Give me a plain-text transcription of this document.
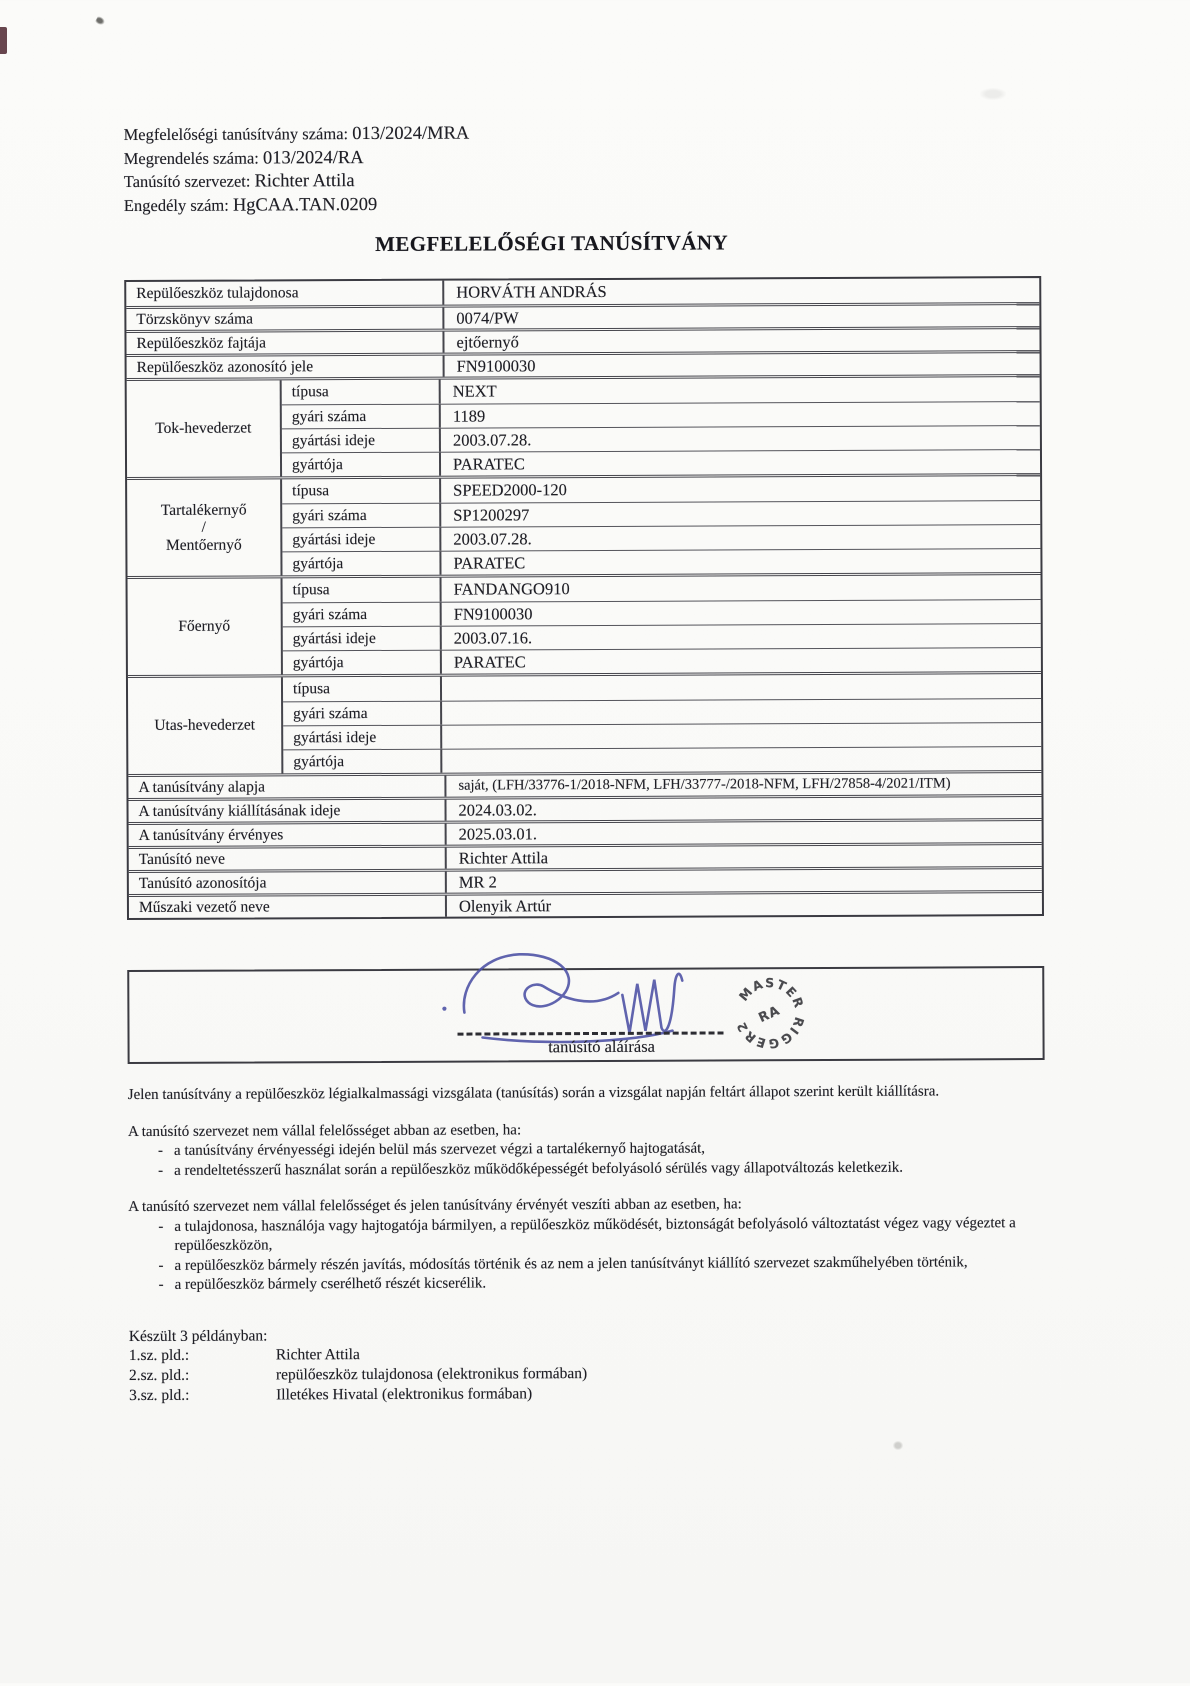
Megfelelőségi tanúsítvány száma: 013/2024/MRA
Megrendelés száma: 013/2024/RA
Tanúsító szervezet: Richter Attila
Engedély szám: HgCAA.TAN.0209
MEGFELELŐSÉGI TANÚSÍTVÁNY
Repülőeszköz tulajdonosa	HORVÁTH ANDRÁS
Törzskönyv száma	0074/PW
Repülőeszköz fajtája	ejtőernyő
Repülőeszköz azonosító jele	FN9100030
Tok-hevederzet
típusa	NEXT
gyári száma	1189
gyártási ideje	2003.07.28.
gyártója	PARATEC
Tartalékernyő
/
Mentőernyő
típusa	SPEED2000-120
gyári száma	SP1200297
gyártási ideje	2003.07.28.
gyártója	PARATEC
Főernyő
típusa	FANDANGO910
gyári száma	FN9100030
gyártási ideje	2003.07.16.
gyártója	PARATEC
Utas-hevederzet
típusa
gyári száma
gyártási ideje
gyártója
A tanúsítvány alapja	saját, (LFH/33776-1/2018-NFM, LFH/33777-/2018-NFM, LFH/27858-4/2021/ITM)
A tanúsítvány kiállításának ideje	2024.03.02.
A tanúsítvány érvényes	2025.03.01.
Tanúsító neve	Richter Attila
Tanúsító azonosítója	MR 2
Műszaki vezető neve	Olenyik Artúr
tanúsító aláírása
MASTER RIGGER2
RA
Jelen tanúsítvány a repülőeszköz légialkalmassági vizsgálata (tanúsítás) során a vizsgálat napján feltárt állapot szerint került kiállításra.
A tanúsító szervezet nem vállal felelősséget abban az esetben, ha:
- a tanúsítvány érvényességi idején belül más szervezet végzi a tartalékernyő hajtogatását,
- a rendeltetésszerű használat során a repülőeszköz működőképességét befolyásoló sérülés vagy állapotváltozás keletkezik.
A tanúsító szervezet nem vállal felelősséget és jelen tanúsítvány érvényét veszíti abban az esetben, ha:
- a tulajdonosa, használója vagy hajtogatója bármilyen, a repülőeszköz működését, biztonságát befolyásoló változtatást végez vagy végeztet a repülőeszközön,
- a repülőeszköz bármely részén javítás, módosítás történik és az nem a jelen tanúsítványt kiállító szervezet szakműhelyében történik,
- a repülőeszköz bármely cserélhető részét kicserélik.
Készült 3 példányban:
1.sz. pld.:	Richter Attila
2.sz. pld.:	repülőeszköz tulajdonosa (elektronikus formában)
3.sz. pld.:	Illetékes Hivatal (elektronikus formában)
